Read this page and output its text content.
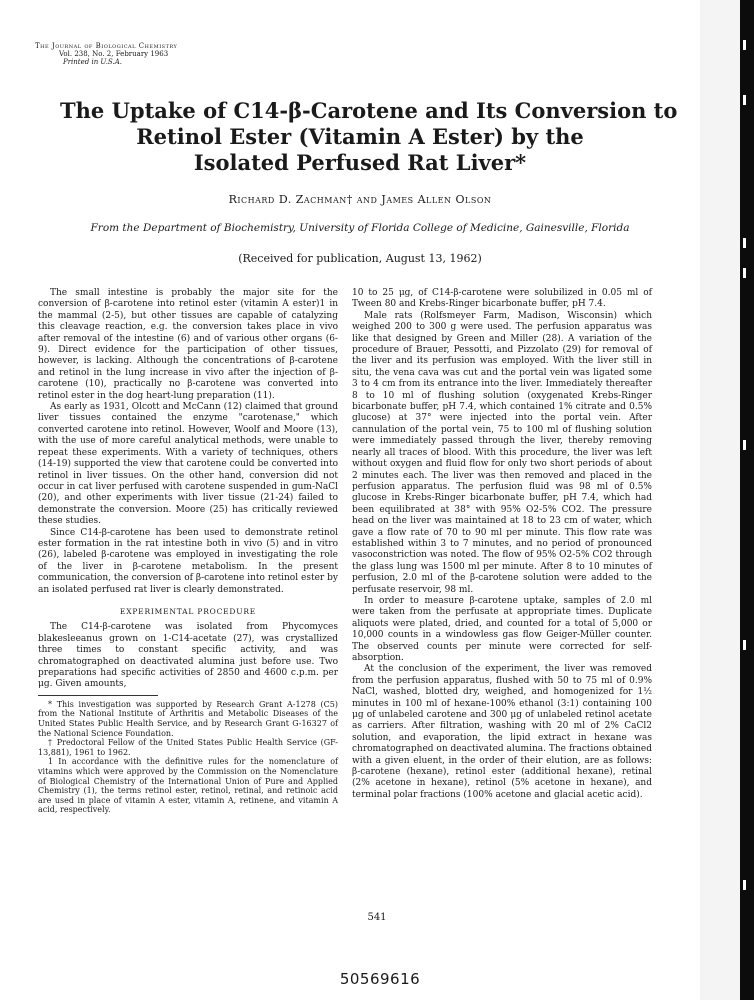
The Journal of Biological Chemistry
Vol. 238, No. 2, February 1963
Printed in U.S.A.
The Uptake of C14-β-Carotene and Its Conversion to
Retinol Ester (Vitamin A Ester) by the
Isolated Perfused Rat Liver*
Richard D. Zachman† and James Allen Olson
From the Department of Biochemistry, University of Florida College of Medicine, Gainesville, Florida
(Received for publication, August 13, 1962)

The small intestine is probably the major site for the conversion of β-carotene into retinol ester (vitamin A ester)1 in the mammal (2-5), but other tissues are capable of catalyzing this cleavage reaction, e.g. the conversion takes place in vivo after removal of the intestine (6) and of various other organs (6-9). Direct evidence for the participation of other tissues, however, is lacking. Although the concentrations of β-carotene and retinol in the lung increase in vivo after the injection of β-carotene (10), practically no β-carotene was converted into retinol ester in the dog heart-lung preparation (11).

As early as 1931, Olcott and McCann (12) claimed that ground liver tissues contained the enzyme "carotenase," which converted carotene into retinol. However, Woolf and Moore (13), with the use of more careful analytical methods, were unable to repeat these experiments. With a variety of techniques, others (14-19) supported the view that carotene could be converted into retinol in liver tissues. On the other hand, conversion did not occur in cat liver perfused with carotene suspended in gum-NaCl (20), and other experiments with liver tissue (21-24) failed to demonstrate the conversion. Moore (25) has critically reviewed these studies.

Since C14-β-carotene has been used to demonstrate retinol ester formation in the rat intestine both in vivo (5) and in vitro (26), labeled β-carotene was employed in investigating the role of the liver in β-carotene metabolism. In the present communication, the conversion of β-carotene into retinol ester by an isolated perfused rat liver is clearly demonstrated.

EXPERIMENTAL PROCEDURE

The C14-β-carotene was isolated from Phycomyces blakesleeanus grown on 1-C14-acetate (27), was crystallized three times to constant specific activity, and was chromatographed on deactivated alumina just before use. Two preparations had specific activities of 2850 and 4600 c.p.m. per μg. Given amounts,

* This investigation was supported by Research Grant A-1278 (C5) from the National Institute of Arthritis and Metabolic Diseases of the United States Public Health Service, and by Research Grant G-16327 of the National Science Foundation.

† Predoctoral Fellow of the United States Public Health Service (GF-13,881), 1961 to 1962.

1 In accordance with the definitive rules for the nomenclature of vitamins which were approved by the Commission on the Nomenclature of Biological Chemistry of the International Union of Pure and Applied Chemistry (1), the terms retinol ester, retinol, retinal, and retinoic acid are used in place of vitamin A ester, vitamin A, retinene, and vitamin A acid, respectively.

10 to 25 μg, of C14-β-carotene were solubilized in 0.05 ml of Tween 80 and Krebs-Ringer bicarbonate buffer, pH 7.4.

Male rats (Rolfsmeyer Farm, Madison, Wisconsin) which weighed 200 to 300 g were used. The perfusion apparatus was like that designed by Green and Miller (28). A variation of the procedure of Brauer, Pessotti, and Pizzolato (29) for removal of the liver and its perfusion was employed. With the liver still in situ, the vena cava was cut and the portal vein was ligated some 3 to 4 cm from its entrance into the liver. Immediately thereafter 8 to 10 ml of flushing solution (oxygenated Krebs-Ringer bicarbonate buffer, pH 7.4, which contained 1% citrate and 0.5% glucose) at 37° were injected into the portal vein. After cannulation of the portal vein, 75 to 100 ml of flushing solution were immediately passed through the liver, thereby removing nearly all traces of blood. With this procedure, the liver was left without oxygen and fluid flow for only two short periods of about 2 minutes each. The liver was then removed and placed in the perfusion apparatus. The perfusion fluid was 98 ml of 0.5% glucose in Krebs-Ringer bicarbonate buffer, pH 7.4, which had been equilibrated at 38° with 95% O2-5% CO2. The pressure head on the liver was maintained at 18 to 23 cm of water, which gave a flow rate of 70 to 90 ml per minute. This flow rate was established within 3 to 7 minutes, and no period of pronounced vasoconstriction was noted. The flow of 95% O2-5% CO2 through the glass lung was 1500 ml per minute. After 8 to 10 minutes of perfusion, 2.0 ml of the β-carotene solution were added to the perfusate reservoir, 98 ml.

In order to measure β-carotene uptake, samples of 2.0 ml were taken from the perfusate at appropriate times. Duplicate aliquots were plated, dried, and counted for a total of 5,000 or 10,000 counts in a windowless gas flow Geiger-Müller counter. The observed counts per minute were corrected for self-absorption.

At the conclusion of the experiment, the liver was removed from the perfusion apparatus, flushed with 50 to 75 ml of 0.9% NaCl, washed, blotted dry, weighed, and homogenized for 1½ minutes in 100 ml of hexane-100% ethanol (3:1) containing 100 μg of unlabeled carotene and 300 μg of unlabeled retinol acetate as carriers. After filtration, washing with 20 ml of 2% CaCl2 solution, and evaporation, the lipid extract in hexane was chromatographed on deactivated alumina. The fractions obtained with a given eluent, in the order of their elution, are as follows: β-carotene (hexane), retinol ester (additional hexane), retinal (2% acetone in hexane), retinol (5% acetone in hexane), and terminal polar fractions (100% acetone and glacial acetic acid).

541
50569616
